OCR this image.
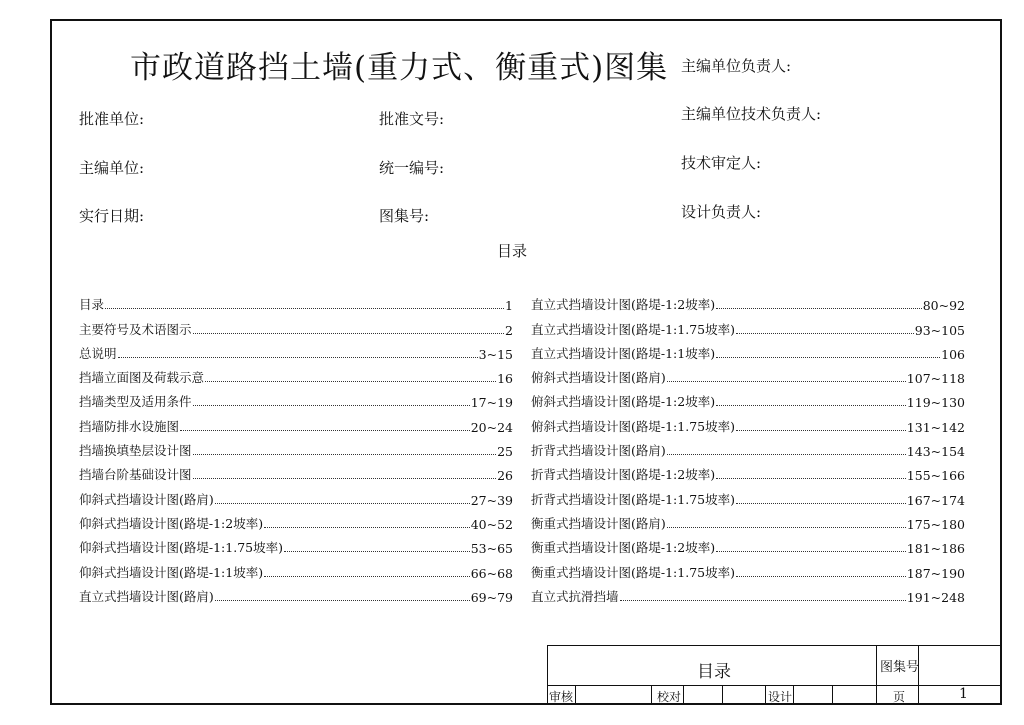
市政道路挡土墙(重力式、衡重式)图集 主编单位负责人:
批准单位:	批准文号:	主编单位技术负责人:
主编单位:	统一编号:	技术审定人:
实行日期:	图集号:	设计负责人:
目录
目录	1
主要符号及术语图示	2
总说明	3~15
挡墙立面图及荷载示意	16
挡墙类型及适用条件	17~19
挡墙防排水设施图	20~24
挡墙换填垫层设计图	25
挡墙台阶基础设计图	26
仰斜式挡墙设计图(路肩)	27~39
仰斜式挡墙设计图(路堤-1:2坡率)	40~52
仰斜式挡墙设计图(路堤-1:1.75坡率)	53~65
仰斜式挡墙设计图(路堤-1:1坡率)	66~68
直立式挡墙设计图(路肩)	69~79
直立式挡墙设计图(路堤-1:2坡率)	80~92
直立式挡墙设计图(路堤-1:1.75坡率)	93~105
直立式挡墙设计图(路堤-1:1坡率)	106
俯斜式挡墙设计图(路肩)	107~118
俯斜式挡墙设计图(路堤-1:2坡率)	119~130
俯斜式挡墙设计图(路堤-1:1.75坡率)	131~142
折背式挡墙设计图(路肩)	143~154
折背式挡墙设计图(路堤-1:2坡率)	155~166
折背式挡墙设计图(路堤-1:1.75坡率)	167~174
衡重式挡墙设计图(路肩)	175~180
衡重式挡墙设计图(路堤-1:2坡率)	181~186
衡重式挡墙设计图(路堤-1:1.75坡率)	187~190
直立式抗滑挡墙	191~248
目录	图集号
审核	校对	设计	页	1
